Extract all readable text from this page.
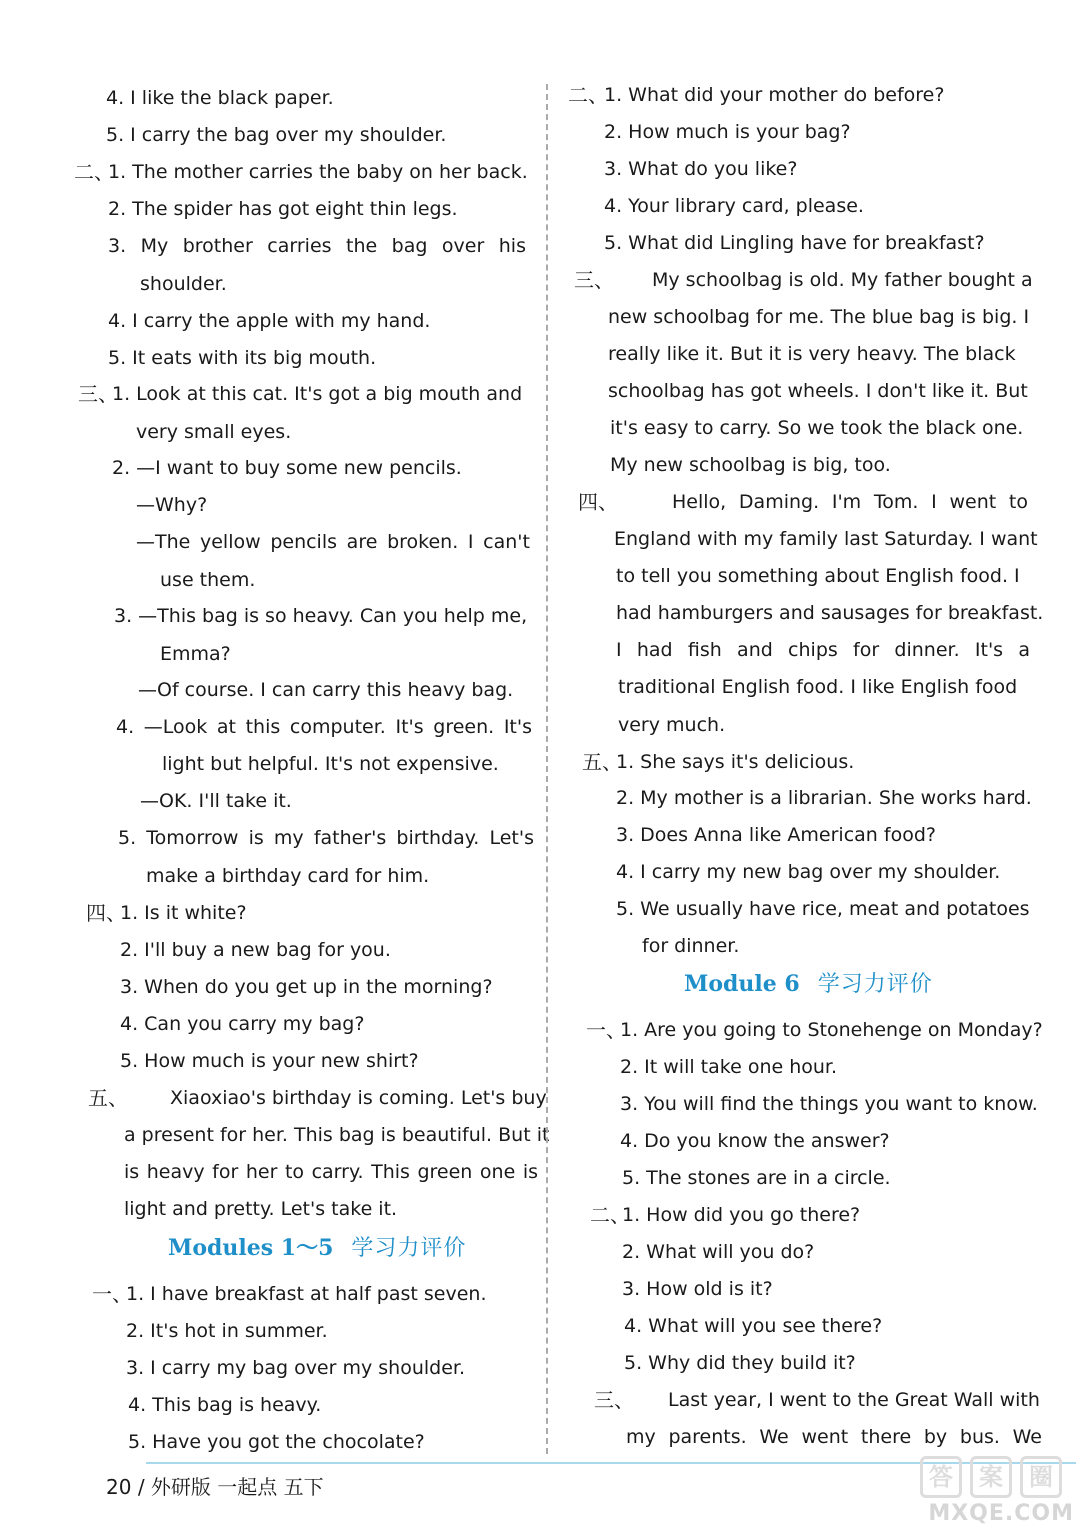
4. I like the black paper.
5. I carry the bag over my shoulder.
二、
1. The mother carries the baby on her back.
2. The spider has got eight thin legs.
3. My brother carries the bag over his
shoulder.
4. I carry the apple with my hand.
5. It eats with its big mouth.
三、
1. Look at this cat. It's got a big mouth and
very small eyes.
2. —I want to buy some new pencils.
—Why?
—The yellow pencils are broken. I can't
use them.
3. —This bag is so heavy. Can you help me,
Emma?
—Of course. I can carry this heavy bag.
4. —Look at this computer. It's green. It's
light but helpful. It's not expensive.
—OK. I'll take it.
5. Tomorrow is my father's birthday. Let's
make a birthday card for him.
四、
1. Is it white?
2. I'll buy a new bag for you.
3. When do you get up in the morning?
4. Can you carry my bag?
5. How much is your new shirt?
五、 Xiaoxiao's birthday is coming. Let's buy
a present for her. This bag is beautiful. But it
is heavy for her to carry. This green one is
light and pretty. Let's take it.
Modules 1～5 学习力评价
一、
1. I have breakfast at half past seven.
2. It's hot in summer.
3. I carry my bag over my shoulder.
4. This bag is heavy.
5. Have you got the chocolate?
二、
1. What did your mother do before?
2. How much is your bag?
3. What do you like?
4. Your library card, please.
5. What did Lingling have for breakfast?
三、 My schoolbag is old. My father bought a
new schoolbag for me. The blue bag is big. I
really like it. But it is very heavy. The black
schoolbag has got wheels. I don't like it. But
it's easy to carry. So we took the black one.
My new schoolbag is big, too.
四、	Hello, Daming. I'm Tom. I went to
England with my family last Saturday. I want
to tell you something about English food. I
had hamburgers and sausages for breakfast.
I had fish and chips for dinner. It's a
traditional English food. I like English food
very much.
五、
1. She says it's delicious.
2. My mother is a librarian. She works hard.
3. Does Anna like American food?
4. I carry my new bag over my shoulder.
5. We usually have rice, meat and potatoes
for dinner.
Module 6 学习力评价
一、
1. Are you going to Stonehenge on Monday?
2. It will take one hour.
3. You will find the things you want to know.
4. Do you know the answer?
5. The stones are in a circle.
二、
1. How did you go there?
2. What will you do?
3. How old is it?
4. What will you see there?
5. Why did they build it?
三、 Last year, I went to the Great Wall with
my parents. We went there by bus. We
20 / 外研版 一起点 五下	答	案	圈
MXQE.COM
